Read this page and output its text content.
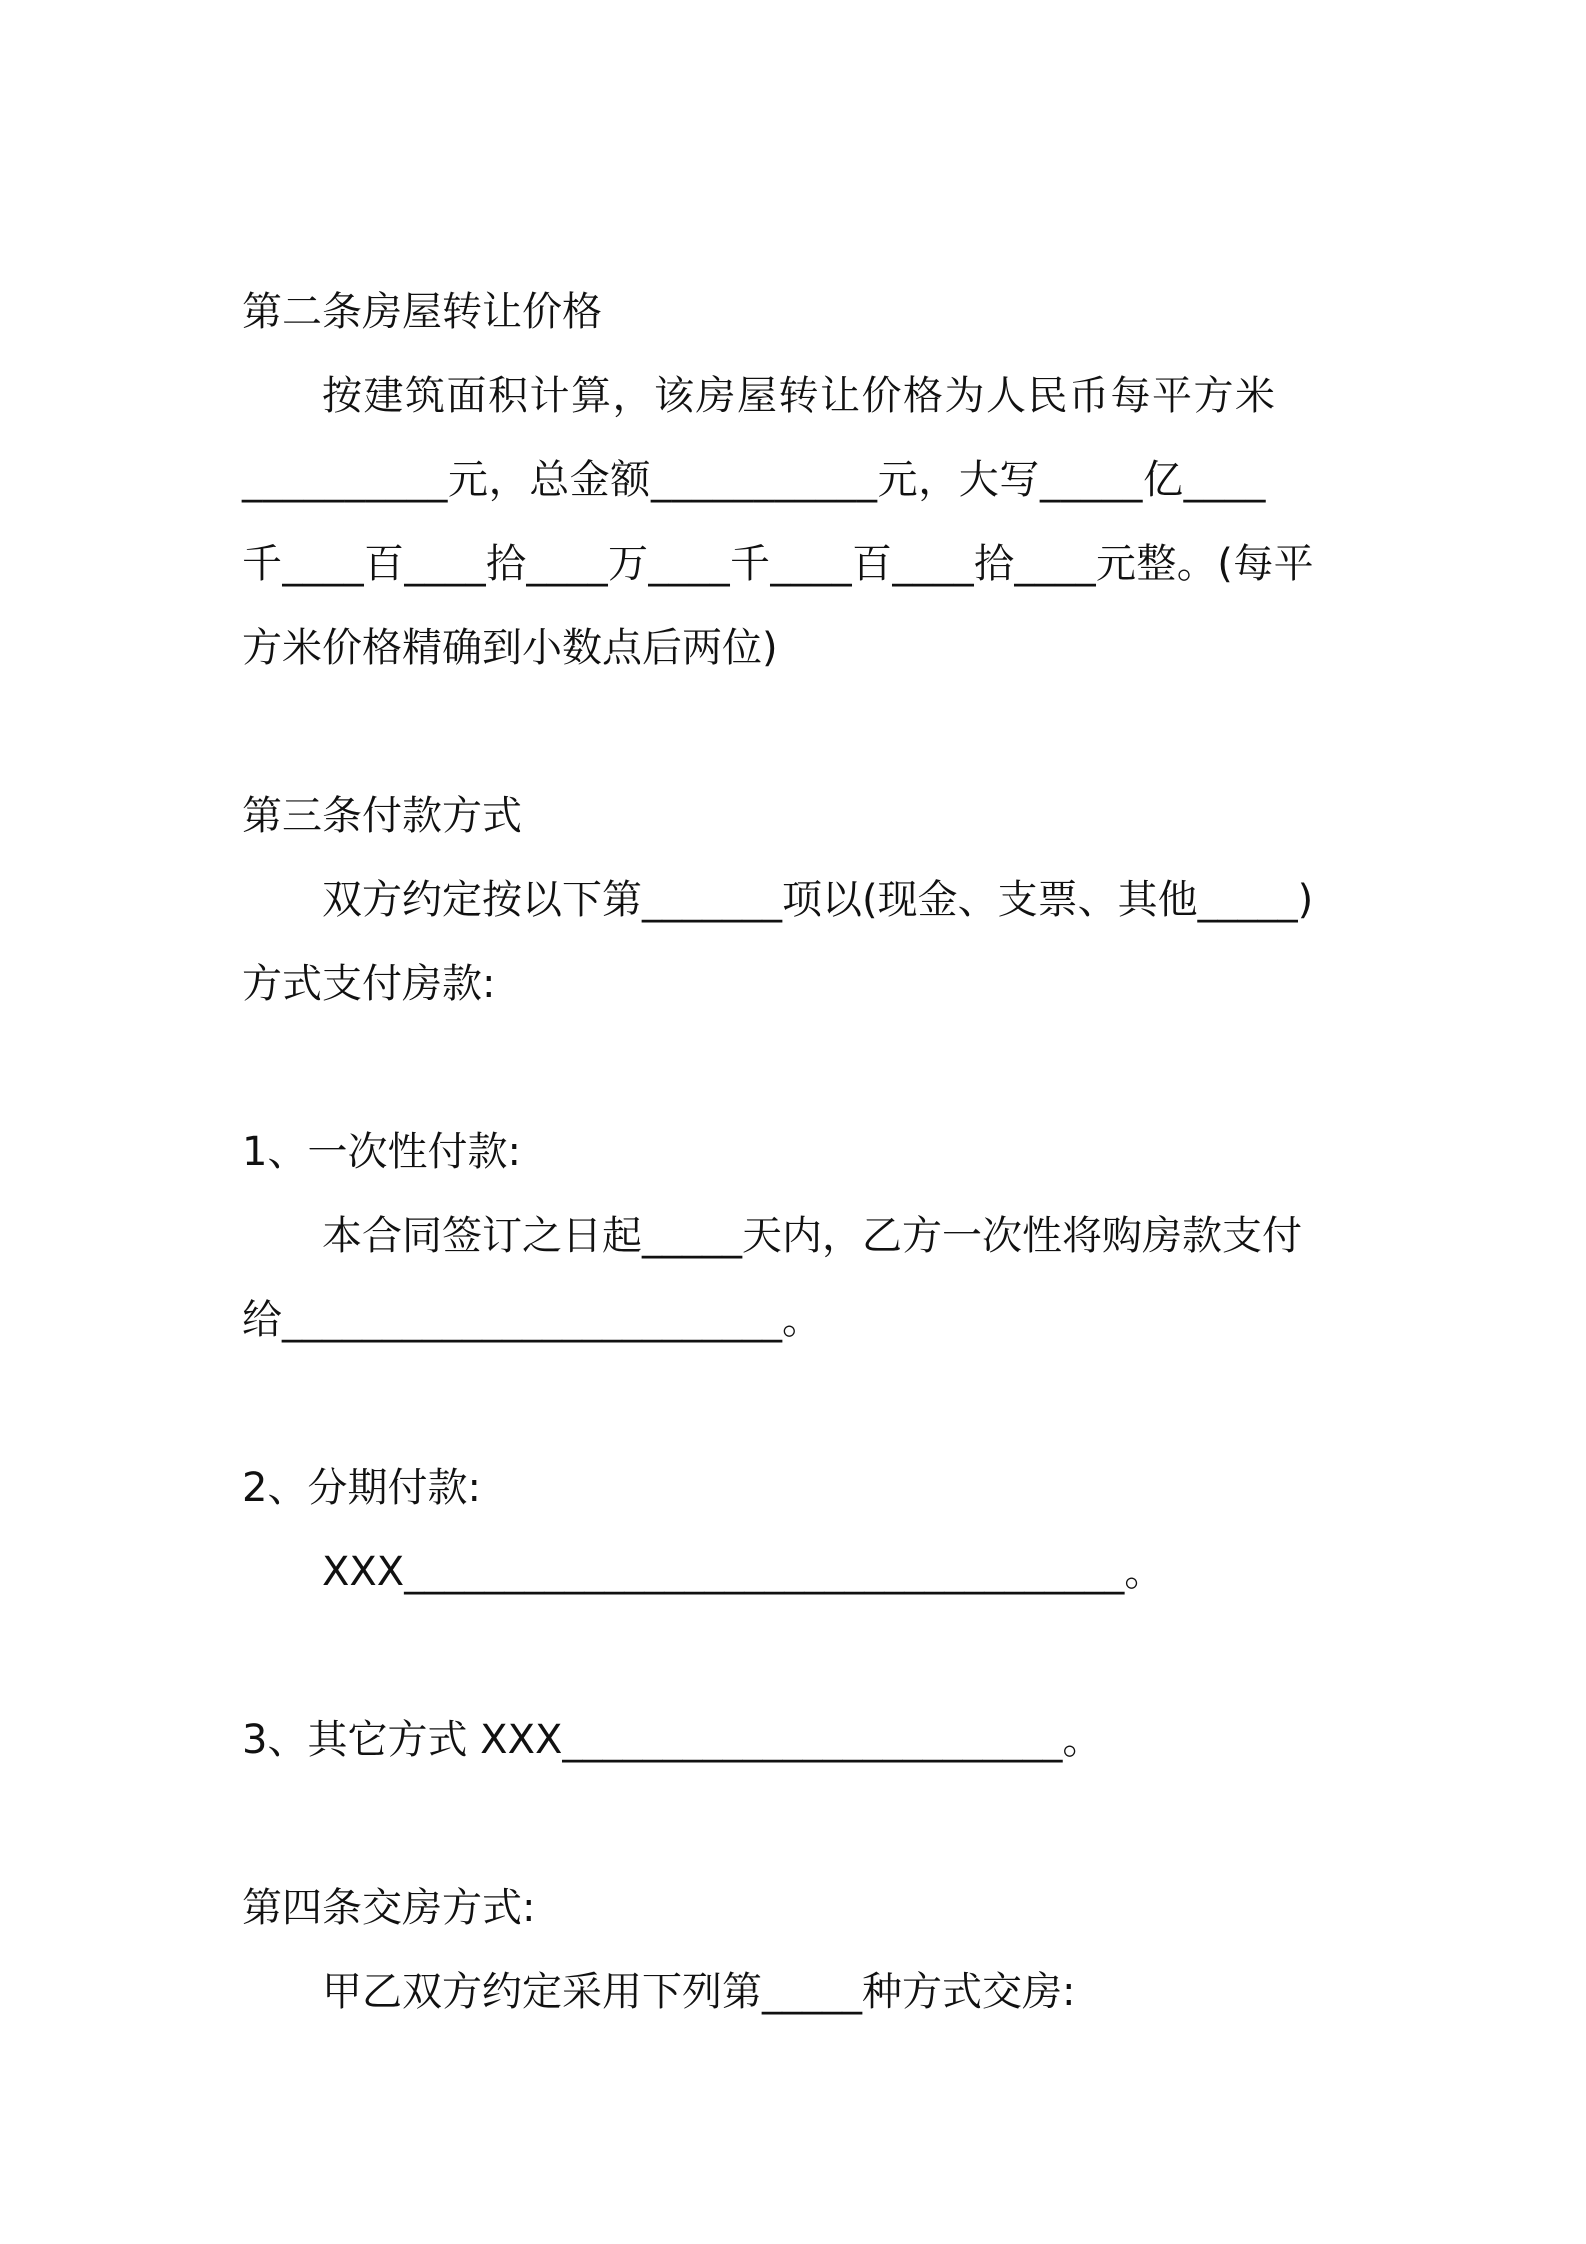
第二条房屋转让价格

按建筑面积计算，该房屋转让价格为人民币每平方米

__________元，总金额___________元，大写_____亿____

千____百____拾____万____千____百____拾____元整。(每平

方米价格精确到小数点后两位)

第三条付款方式

双方约定按以下第_______项以(现金、支票、其他_____)

方式支付房款:

1、一次性付款:

本合同签订之日起_____天内，乙方一次性将购房款支付

给_________________________。

2、分期付款:

XXX____________________________________。

3、其它方式 XXX_________________________。

第四条交房方式:

甲乙双方约定采用下列第_____种方式交房:
